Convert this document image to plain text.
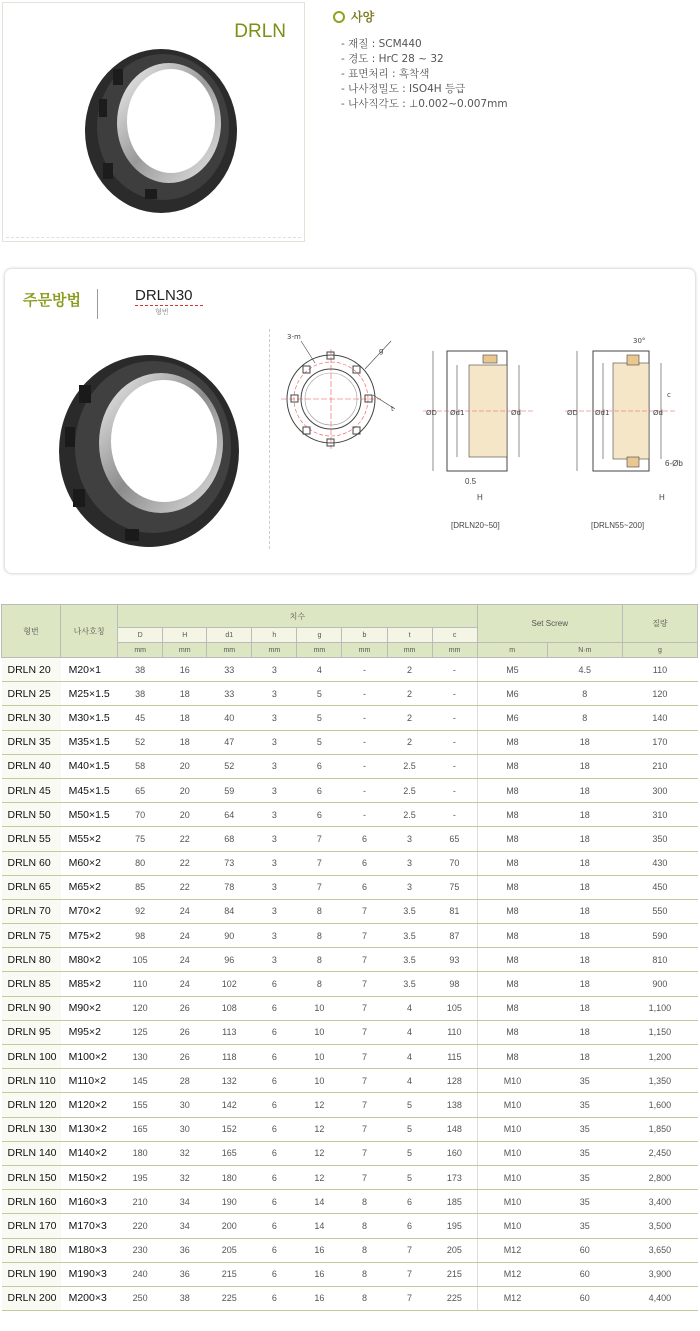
DRLN
사양
- 재질 : SCM440
- 경도 : HrC 28 ~ 32
- 표면처리 : 흑착색
- 나사정밀도 : ISO4H 등급
- 나사직각도 : ⊥0.002~0.007mm
주문방법	DRLN30
형번
3-m
g
t	ØD Ød1	Ød
0.5
H
[DRLN20~50]
30°
ØD Ød1	Ød
c
6-Øb
H
[DRLN55~200]
형번	나사호칭	치수								Set Screw		질량
		D	H	d1	h	g	b	t	c			
		mm	mm	mm	mm	mm	mm	mm	mm	m	N·m	g
DRLN 20	M20×1	38	16	33	3	4	-	2	-	M5	4.5	110
DRLN 25	M25×1.5	38	18	33	3	5	-	2	-	M6	8	120
DRLN 30	M30×1.5	45	18	40	3	5	-	2	-	M6	8	140
DRLN 35	M35×1.5	52	18	47	3	5	-	2	-	M8	18	170
DRLN 40	M40×1.5	58	20	52	3	6	-	2.5	-	M8	18	210
DRLN 45	M45×1.5	65	20	59	3	6	-	2.5	-	M8	18	300
DRLN 50	M50×1.5	70	20	64	3	6	-	2.5	-	M8	18	310
DRLN 55	M55×2	75	22	68	3	7	6	3	65	M8	18	350
DRLN 60	M60×2	80	22	73	3	7	6	3	70	M8	18	430
DRLN 65	M65×2	85	22	78	3	7	6	3	75	M8	18	450
DRLN 70	M70×2	92	24	84	3	8	7	3.5	81	M8	18	550
DRLN 75	M75×2	98	24	90	3	8	7	3.5	87	M8	18	590
DRLN 80	M80×2	105	24	96	3	8	7	3.5	93	M8	18	810
DRLN 85	M85×2	110	24	102	6	8	7	3.5	98	M8	18	900
DRLN 90	M90×2	120	26	108	6	10	7	4	105	M8	18	1,100
DRLN 95	M95×2	125	26	113	6	10	7	4	110	M8	18	1,150
DRLN 100	M100×2	130	26	118	6	10	7	4	115	M8	18	1,200
DRLN 110	M110×2	145	28	132	6	10	7	4	128	M10	35	1,350
DRLN 120	M120×2	155	30	142	6	12	7	5	138	M10	35	1,600
DRLN 130	M130×2	165	30	152	6	12	7	5	148	M10	35	1,850
DRLN 140	M140×2	180	32	165	6	12	7	5	160	M10	35	2,450
DRLN 150	M150×2	195	32	180	6	12	7	5	173	M10	35	2,800
DRLN 160	M160×3	210	34	190	6	14	8	6	185	M10	35	3,400
DRLN 170	M170×3	220	34	200	6	14	8	6	195	M10	35	3,500
DRLN 180	M180×3	230	36	205	6	16	8	7	205	M12	60	3,650
DRLN 190	M190×3	240	36	215	6	16	8	7	215	M12	60	3,900
DRLN 200	M200×3	250	38	225	6	16	8	7	225	M12	60	4,400
